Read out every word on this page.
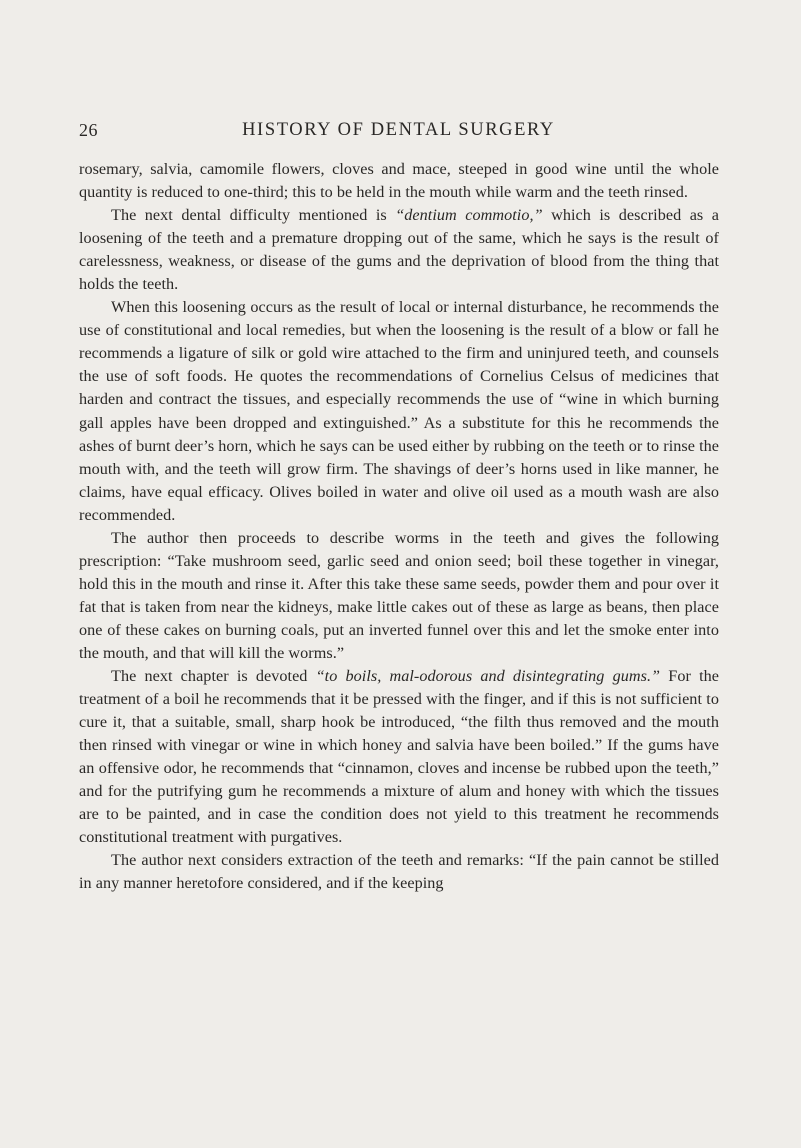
26	HISTORY OF DENTAL SURGERY

rosemary, salvia, camomile flowers, cloves and mace, steeped in good wine until the whole quantity is reduced to one-third; this to be held in the mouth while warm and the teeth rinsed.

The next dental difficulty mentioned is “dentium commotio,” which is described as a loosening of the teeth and a premature dropping out of the same, which he says is the result of carelessness, weakness, or disease of the gums and the deprivation of blood from the thing that holds the teeth.

When this loosening occurs as the result of local or internal disturbance, he recommends the use of constitutional and local remedies, but when the loosening is the result of a blow or fall he recommends a ligature of silk or gold wire attached to the firm and uninjured teeth, and counsels the use of soft foods. He quotes the recommendations of Cornelius Celsus of medicines that harden and contract the tissues, and especially recommends the use of “wine in which burning gall apples have been dropped and extinguished.” As a substitute for this he recommends the ashes of burnt deer’s horn, which he says can be used either by rubbing on the teeth or to rinse the mouth with, and the teeth will grow firm. The shavings of deer’s horns used in like manner, he claims, have equal efficacy. Olives boiled in water and olive oil used as a mouth wash are also recommended.

The author then proceeds to describe worms in the teeth and gives the following prescription: “Take mushroom seed, garlic seed and onion seed; boil these together in vinegar, hold this in the mouth and rinse it. After this take these same seeds, powder them and pour over it fat that is taken from near the kidneys, make little cakes out of these as large as beans, then place one of these cakes on burning coals, put an inverted funnel over this and let the smoke enter into the mouth, and that will kill the worms.”

The next chapter is devoted “to boils, mal-odorous and disintegrating gums.” For the treatment of a boil he recommends that it be pressed with the finger, and if this is not sufficient to cure it, that a suitable, small, sharp hook be introduced, “the filth thus removed and the mouth then rinsed with vinegar or wine in which honey and salvia have been boiled.” If the gums have an offensive odor, he recommends that “cinnamon, cloves and incense be rubbed upon the teeth,” and for the putrifying gum he recommends a mixture of alum and honey with which the tissues are to be painted, and in case the condition does not yield to this treatment he recommends constitutional treatment with purgatives.

The author next considers extraction of the teeth and remarks: “If the pain cannot be stilled in any manner heretofore considered, and if the keeping
